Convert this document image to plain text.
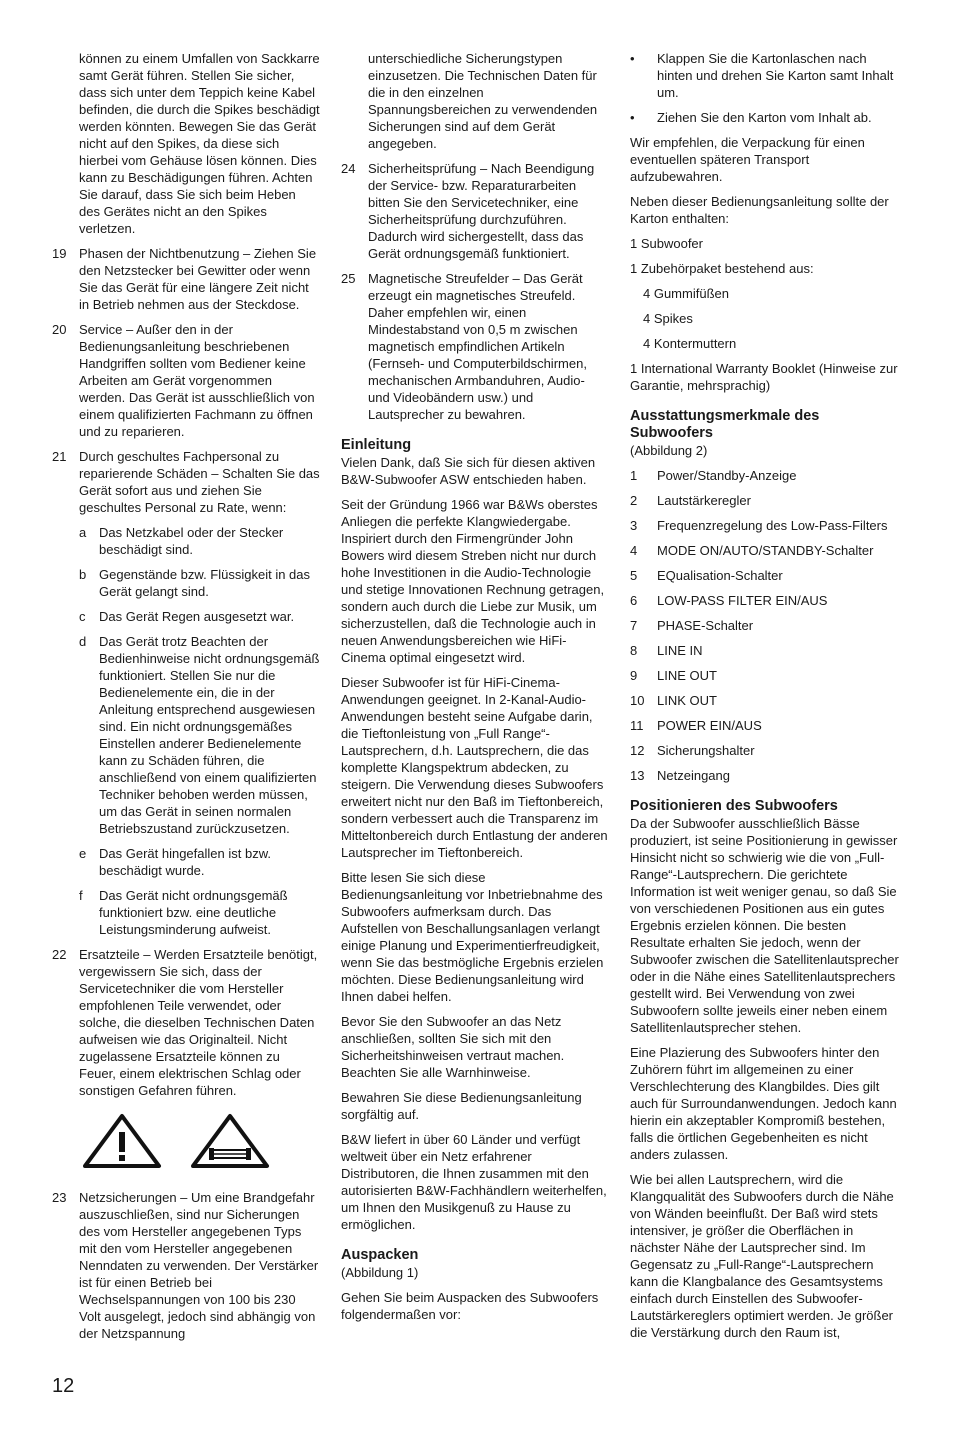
können zu einem Umfallen von Sackkarre samt Gerät führen. Stellen Sie sicher, dass sich unter dem Teppich keine Kabel befinden, die durch die Spikes beschädigt werden könnten. Bewegen Sie das Gerät nicht auf den Spikes, da diese sich hierbei vom Gehäuse lösen können. Dies kann zu Beschädigungen führen. Achten Sie darauf, dass Sie sich beim Heben des Gerätes nicht an den Spikes verletzen.

19 Phasen der Nichtbenutzung – Ziehen Sie den Netzstecker bei Gewitter oder wenn Sie das Gerät für eine längere Zeit nicht in Betrieb nehmen aus der Steckdose.
20 Service – Außer den in der Bedienungsanleitung beschriebenen Handgriffen sollten vom Bediener keine Arbeiten am Gerät vorgenommen werden. Das Gerät ist ausschließlich von einem qualifizierten Fachmann zu öffnen und zu reparieren.
21 Durch geschultes Fachpersonal zu reparierende Schäden – Schalten Sie das Gerät sofort aus und ziehen Sie geschultes Personal zu Rate, wenn:
a Das Netzkabel oder der Stecker beschädigt sind.
b Gegenstände bzw. Flüssigkeit in das Gerät gelangt sind.
c	Das Gerät Regen ausgesetzt war.
d Das Gerät trotz Beachten der Bedienhinweise nicht ordnungsgemäß funktioniert. Stellen Sie nur die Bedienelemente ein, die in der Anleitung entsprechend ausgewiesen sind. Ein nicht ordnungsgemäßes Einstellen anderer Bedienelemente kann zu Schäden führen, die anschließend von einem qualifizierten Techniker behoben werden müssen, um das Gerät in seinen normalen Betriebszustand zurückzusetzen.
e Das Gerät hingefallen ist bzw. beschädigt wurde.
f	Das Gerät nicht ordnungsgemäß funktioniert bzw. eine deutliche Leistungsminderung aufweist.
22 Ersatzteile – Werden Ersatzteile benötigt, vergewissern Sie sich, dass der Servicetechniker die vom Hersteller empfohlenen Teile verwendet, oder solche, die dieselben Technischen Daten aufweisen wie das Originalteil. Nicht zugelassene Ersatzteile können zu Feuer, einem elektrischen Schlag oder sonstigen Gefahren führen.
23 Netzsicherungen – Um eine Brandgefahr auszuschließen, sind nur Sicherungen des vom Hersteller angegebenen Typs mit den vom Hersteller angegebenen Nenndaten zu verwenden. Der Verstärker ist für einen Betrieb bei Wechselspannungen von 100 bis 230 Volt ausgelegt, jedoch sind abhängig von der Netzspannung

unterschiedliche Sicherungstypen einzusetzen. Die Technischen Daten für die in den einzelnen Spannungsbereichen zu verwendenden Sicherungen sind auf dem Gerät angegeben.

24 Sicherheitsprüfung – Nach Beendigung der Service- bzw. Reparaturarbeiten bitten Sie den Servicetechniker, eine Sicherheitsprüfung durchzuführen. Dadurch wird sichergestellt, dass das Gerät ordnungsgemäß funktioniert.
25 Magnetische Streufelder – Das Gerät erzeugt ein magnetisches Streufeld. Daher empfehlen wir, einen Mindestabstand von 0,5 m zwischen magnetisch empfindlichen Artikeln (Fernseh- und Computerbildschirmen, mechanischen Armbanduhren, Audio- und Videobändern usw.) und Lautsprecher zu bewahren.
Einleitung

Vielen Dank, daß Sie sich für diesen aktiven B&W-Subwoofer ASW entschieden haben.

Seit der Gründung 1966 war B&Ws oberstes Anliegen die perfekte Klangwiedergabe. Inspiriert durch den Firmengründer John Bowers wird diesem Streben nicht nur durch hohe Investitionen in die Audio-Technologie und stetige Innovationen Rechnung getragen, sondern auch durch die Liebe zur Musik, um sicherzustellen, daß die Technologie auch in neuen Anwendungsbereichen wie HiFi-Cinema optimal eingesetzt wird.

Dieser Subwoofer ist für HiFi-Cinema-Anwendungen geeignet. In 2-Kanal-Audio-Anwendungen besteht seine Aufgabe darin, die Tieftonleistung von „Full Range“-Lautsprechern, d.h. Lautsprechern, die das komplette Klangspektrum abdecken, zu steigern. Die Verwendung dieses Subwoofers erweitert nicht nur den Baß im Tieftonbereich, sondern verbessert auch die Transparenz im Mitteltonbereich durch Entlastung der anderen Lautsprecher im Tieftonbereich.

Bitte lesen Sie sich diese Bedienungsanleitung vor Inbetriebnahme des Subwoofers aufmerksam durch. Das Aufstellen von Beschallungsanlagen verlangt einige Planung und Experimentierfreudigkeit, wenn Sie das bestmögliche Ergebnis erzielen möchten. Diese Bedienungsanleitung wird Ihnen dabei helfen.

Bevor Sie den Subwoofer an das Netz anschließen, sollten Sie sich mit den Sicherheitshinweisen vertraut machen. Beachten Sie alle Warnhinweise.

Bewahren Sie diese Bedienungsanleitung sorgfältig auf.

B&W liefert in über 60 Länder und verfügt weltweit über ein Netz erfahrener Distributoren, die Ihnen zusammen mit den autorisierten B&W-Fachhändlern weiterhelfen, um Ihnen den Musikgenuß zu Hause zu ermöglichen.

Auspacken

(Abbildung 1)

Gehen Sie beim Auspacken des Subwoofers folgendermaßen vor:

•	Klappen Sie die Kartonlaschen nach hinten und drehen Sie Karton samt Inhalt um.
•	Ziehen Sie den Karton vom Inhalt ab.

Wir empfehlen, die Verpackung für einen eventuellen späteren Transport aufzubewahren.

Neben dieser Bedienungsanleitung sollte der Karton enthalten:

1 Subwoofer

1 Zubehörpaket bestehend aus:

4 Gummifüßen

4 Spikes

4 Kontermuttern

1 International Warranty Booklet (Hinweise zur Garantie, mehrsprachig)

Ausstattungsmerkmale des Subwoofers

(Abbildung 2)

1	Power/Standby-Anzeige
2	Lautstärkeregler
3	Frequenzregelung des Low-Pass-Filters
4	MODE ON/AUTO/STANDBY-Schalter
5	EQualisation-Schalter
6	LOW-PASS FILTER EIN/AUS
7	PHASE-Schalter
8	LINE IN
9	LINE OUT
10 LINK OUT
11	POWER EIN/AUS
12 Sicherungshalter
13 Netzeingang
Positionieren des Subwoofers

Da der Subwoofer ausschließlich Bässe produziert, ist seine Positionierung in gewisser Hinsicht nicht so schwierig wie die von „Full-Range“-Lautsprechern. Die gerichtete Information ist weit weniger genau, so daß Sie von verschiedenen Positionen aus ein gutes Ergebnis erzielen können. Die besten Resultate erhalten Sie jedoch, wenn der Subwoofer zwischen die Satellitenlautsprecher oder in die Nähe eines Satellitenlautsprechers gestellt wird. Bei Verwendung von zwei Subwoofern sollte jeweils einer neben einem Satellitenlautsprecher stehen.

Eine Plazierung des Subwoofers hinter den Zuhörern führt im allgemeinen zu einer Verschlechterung des Klangbildes. Dies gilt auch für Surroundanwendungen. Jedoch kann hierin ein akzeptabler Kompromiß bestehen, falls die örtlichen Gegebenheiten es nicht anders zulassen.

Wie bei allen Lautsprechern, wird die Klangqualität des Subwoofers durch die Nähe von Wänden beeinflußt. Der Baß wird stets intensiver, je größer die Oberflächen in nächster Nähe der Lautsprecher sind. Im Gegensatz zu „Full-Range“-Lautsprechern kann die Klangbalance des Gesamtsystems einfach durch Einstellen des Subwoofer-Lautstärkereglers optimiert werden. Je größer die Verstärkung durch den Raum ist,

12
